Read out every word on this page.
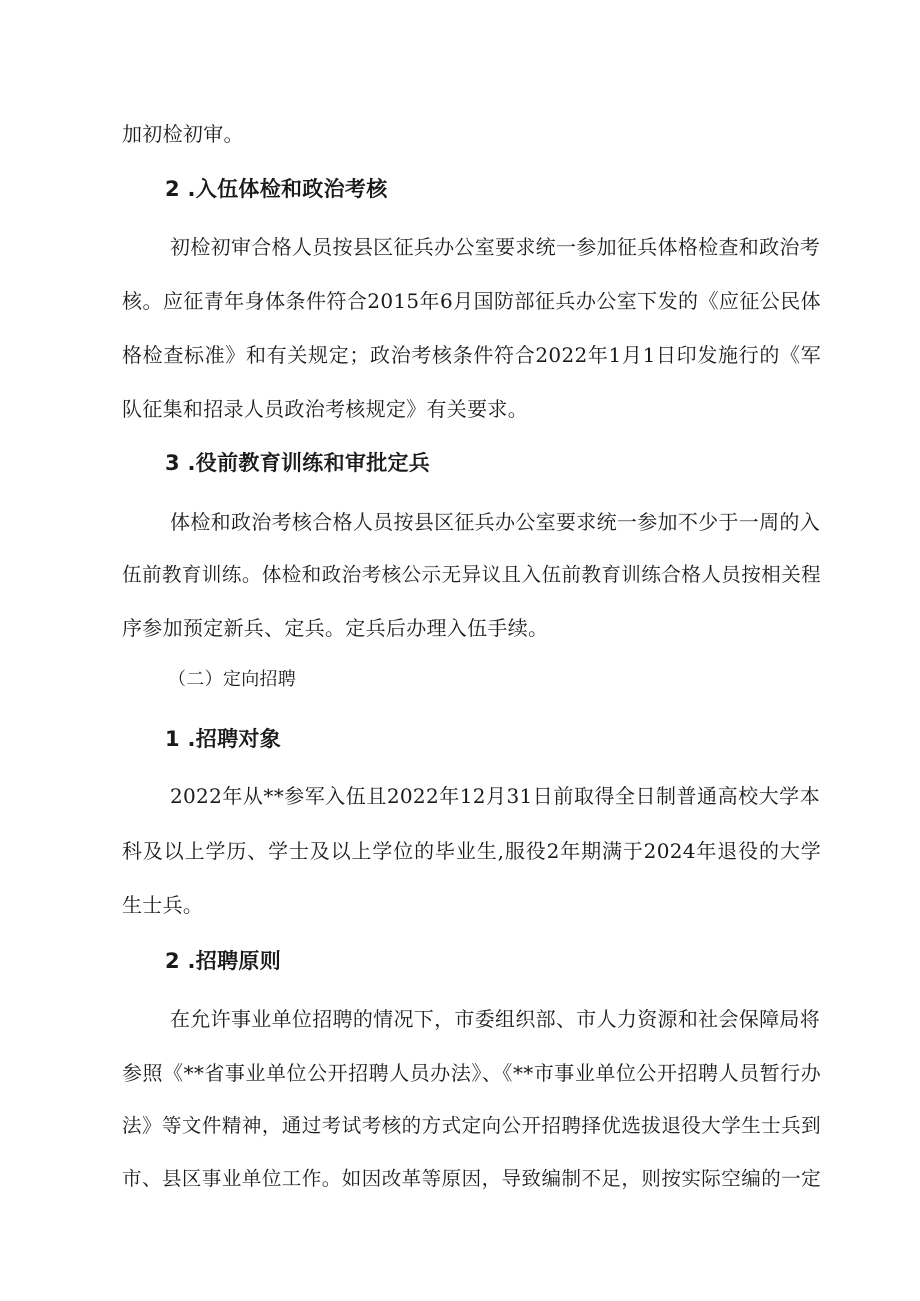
加初检初审。
2 .入伍体检和政治考核
初检初审合格人员按县区征兵办公室要求统一参加征兵体格检查和政治考
核。应征青年身体条件符合2015年6月国防部征兵办公室下发的《应征公民体
格检查标准》和有关规定；政治考核条件符合2022年1月1日印发施行的《军
队征集和招录人员政治考核规定》有关要求。
3 .役前教育训练和审批定兵
体检和政治考核合格人员按县区征兵办公室要求统一参加不少于一周的入
伍前教育训练。体检和政治考核公示无异议且入伍前教育训练合格人员按相关程
序参加预定新兵、定兵。定兵后办理入伍手续。
（二）定向招聘
1 .招聘对象
2022年从**参军入伍且2022年12月31日前取得全日制普通高校大学本
科及以上学历、学士及以上学位的毕业生,服役2年期满于2024年退役的大学
生士兵。
2 .招聘原则
在允许事业单位招聘的情况下，市委组织部、市人力资源和社会保障局将
参照《**省事业单位公开招聘人员办法》、《**市事业单位公开招聘人员暂行办
法》等文件精神，通过考试考核的方式定向公开招聘择优选拔退役大学生士兵到
市、县区事业单位工作。如因改革等原因，导致编制不足，则按实际空编的一定
